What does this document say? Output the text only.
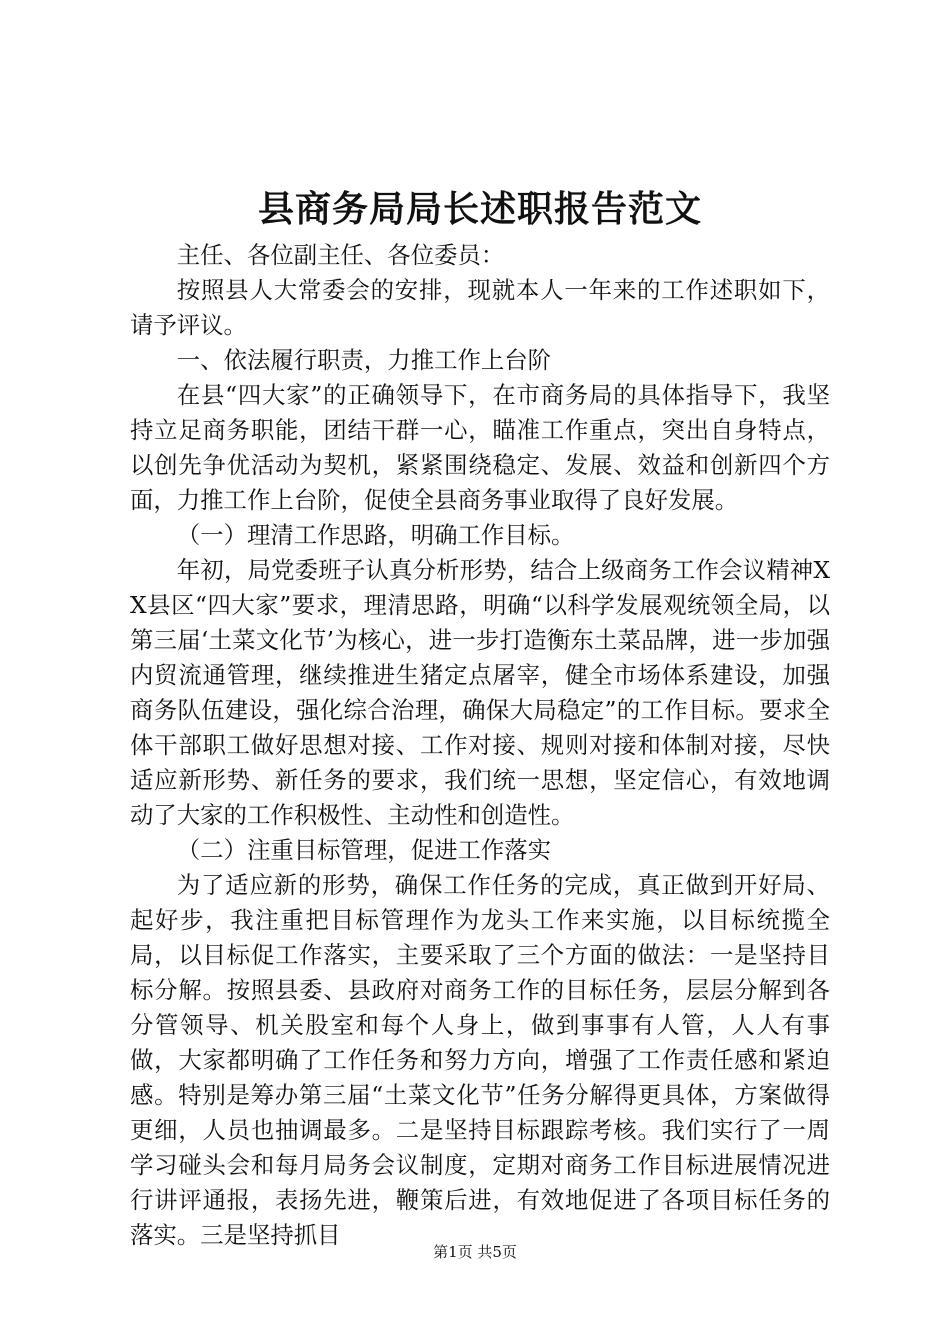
县商务局局长述职报告范文

主任、各位副主任、各位委员：

按照县人大常委会的安排，现就本人一年来的工作述职如下，请予评议。

一、依法履行职责，力推工作上台阶

在县“四大家”的正确领导下，在市商务局的具体指导下，我坚持立足商务职能，团结干群一心，瞄准工作重点，突出自身特点，以创先争优活动为契机，紧紧围绕稳定、发展、效益和创新四个方面，力推工作上台阶，促使全县商务事业取得了良好发展。

（一）理清工作思路，明确工作目标。

年初，局党委班子认真分析形势，结合上级商务工作会议精神XX县区“四大家”要求，理清思路，明确“以科学发展观统领全局，以第三届‘土菜文化节’为核心，进一步打造衡东土菜品牌，进一步加强内贸流通管理，继续推进生猪定点屠宰，健全市场体系建设，加强商务队伍建设，强化综合治理，确保大局稳定”的工作目标。要求全体干部职工做好思想对接、工作对接、规则对接和体制对接，尽快适应新形势、新任务的要求，我们统一思想，坚定信心，有效地调动了大家的工作积极性、主动性和创造性。

（二）注重目标管理，促进工作落实

为了适应新的形势，确保工作任务的完成，真正做到开好局、起好步，我注重把目标管理作为龙头工作来实施，以目标统揽全局，以目标促工作落实，主要采取了三个方面的做法：一是坚持目标分解。按照县委、县政府对商务工作的目标任务，层层分解到各分管领导、机关股室和每个人身上，做到事事有人管，人人有事做，大家都明确了工作任务和努力方向，增强了工作责任感和紧迫感。特别是筹办第三届“土菜文化节”任务分解得更具体，方案做得更细，人员也抽调最多。二是坚持目标跟踪考核。我们实行了一周学习碰头会和每月局务会议制度，定期对商务工作目标进展情况进行讲评通报，表扬先进，鞭策后进，有效地促进了各项目标任务的落实。三是坚持抓目

第1页 共5页
